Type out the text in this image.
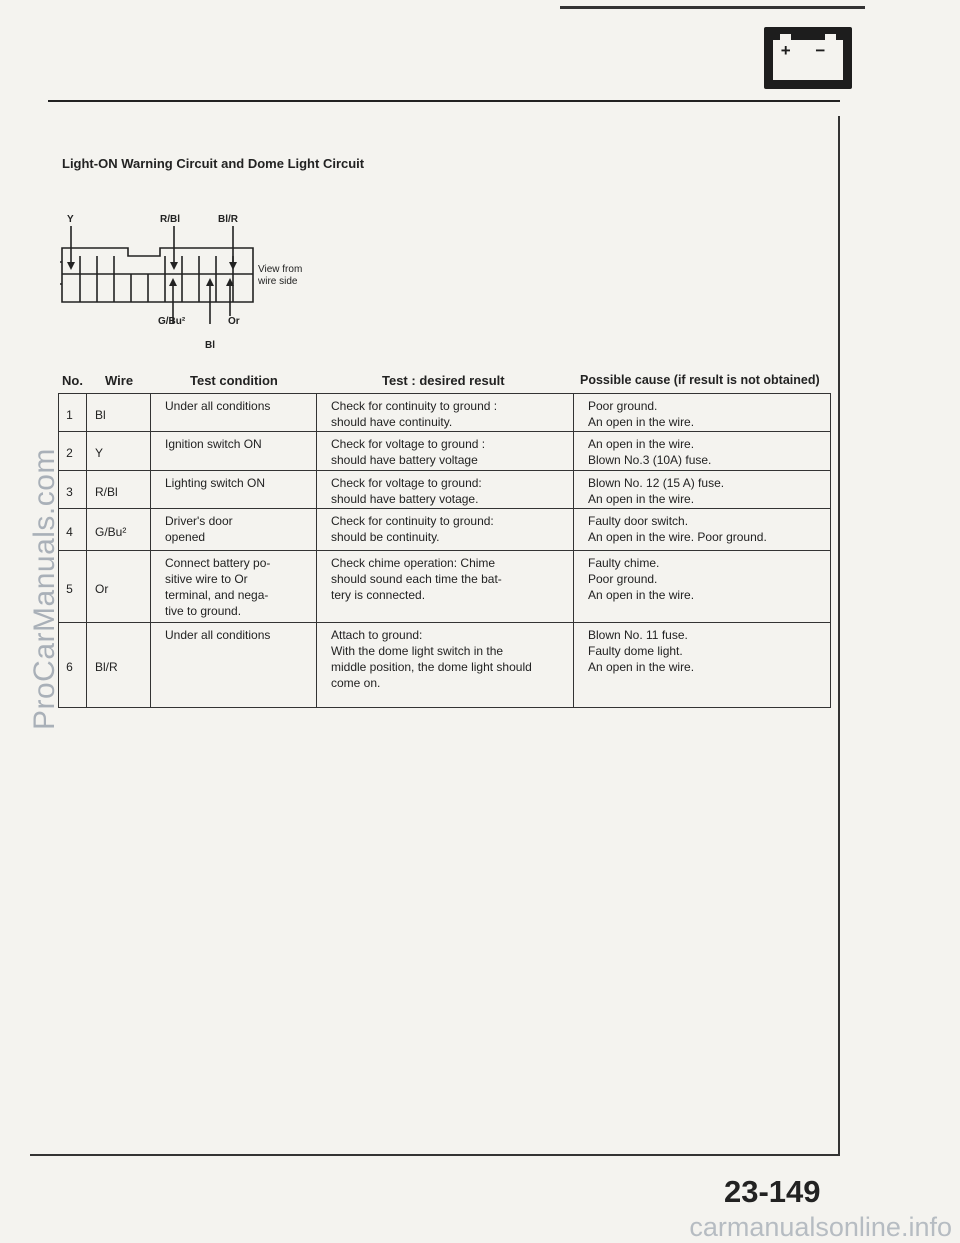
+ −
ProCarManuals.com
carmanualsonline.info
Light-ON Warning Circuit and Dome Light Circuit
Y	R/Bl	Bl/R
G/Bu²	Or
Bl
View from
wire side
No. Wire	Test condition	Test : desired result	Possible cause (if result is not obtained)
1	Bl	Under all conditions	Check for continuity to ground :
should have continuity.	Poor ground.
An open in the wire.
2	Y	Ignition switch ON	Check for voltage to ground :
should have battery voltage	An open in the wire.
Blown No.3 (10A) fuse.
3	R/Bl	Lighting switch ON	Check for voltage to ground:
should have battery votage.	Blown No. 12 (15 A) fuse.
An open in the wire.
4	G/Bu²	Driver's door
opened	Check for continuity to ground:
should be continuity.	Faulty door switch.
An open in the wire. Poor ground.
5	Or	Connect battery po-
sitive wire to Or
terminal, and nega-
tive to ground.	Check chime operation: Chime
should sound each time the bat-
tery is connected.	Faulty chime.
Poor ground.
An open in the wire.
6	Bl/R	Under all conditions	Attach to ground:
With the dome light switch in the
middle position, the dome light should
come on.	Blown No. 11 fuse.
Faulty dome light.
An open in the wire.
23-149
